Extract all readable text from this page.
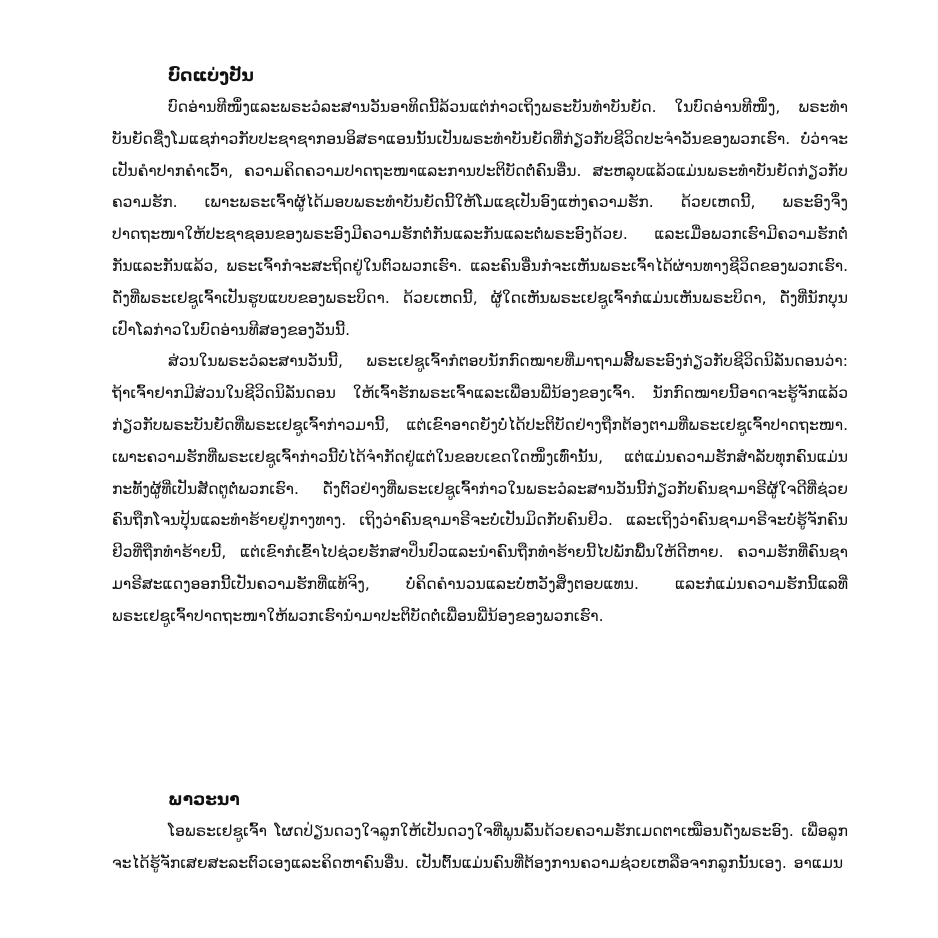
ບົດແບ່ງປັນ

ບົດອ່ານທີໜຶ່ງແລະພຣະວໍລະສານວັນອາທິດນີ້ລ້ວນແຕ່ກ່າວເຖິງພຣະບັນທຳບັນຍັດ. ໃນບົດອ່ານທີໜຶ່ງ, ພຣະທຳບັນຍັດຊື່ງໂມແຊກ່າວກັບປະຊາຊາກອນອິສຣາແອນນັ້ນເປັນພຣະທຳບັນຍັດທີ່ກ່ຽວກັບຊີວິດປະຈຳວັນຂອງພວກເຮົາ. ບໍ່ວ່າຈະເປັນຄຳປາກຄຳເວົ້າ, ຄວາມຄິດຄວາມປາດຖະໜາແລະການປະຕິບັດຕໍ່ຄົນອື່ນ. ສະຫລຸບແລ້ວແມ່ນພຣະທຳບັນຍັດກ່ຽວກັບຄວາມຮັກ. ເພາະພຣະເຈົ້າຜູ້ໄດ້ມອບພຣະທຳບັນຍັດນີ້ໃຫ້ໂມແຊເປັນອົງແຫ່ງຄວາມຮັກ. ດ້ວຍເຫດນີ້, ພຣະອົງຈຶ່ງປາດຖະໜາໃຫ້ປະຊາຊອນຂອງພຣະອົງມີຄວາມຮັກຕໍ່ກັນແລະກັນແລະຕໍ່ພຣະອົງດ້ວຍ. ແລະເມື່ອພວກເຮົາມີຄວາມຮັກຕໍ່ກັນແລະກັນແລ້ວ, ພຣະເຈົ້າກໍຈະສະຖິດຢູ່ໃນຕົວພວກເຮົາ. ແລະຄົນອື່ນກໍຈະເຫັນພຣະເຈົ້າໄດ້ຜ່ານທາງຊີວິດຂອງພວກເຮົາ. ດັ່ງທີ່ພຣະເຢຊູເຈົ້າເປັນຮູບແບບຂອງພຣະບິດາ. ດ້ວຍເຫດນີ້, ຜູ້ໃດເຫັນພຣະເຢຊູເຈົ້າກໍແມ່ນເຫັນພຣະບິດາ, ດັ່ງທີ່ນັກບຸນເປົາໂລກ່າວໃນບົດອ່ານທີສອງຂອງວັນນີ້.

ສ່ວນໃນພຣະວໍລະສານວັນນີ້, ພຣະເຢຊູເຈົ້າກໍຕອບນັກກົດໝາຍທີ່ມາຖາມສິ້ພຣະອົງກ່ຽວກັບຊີວິດນິລັນດອນວ່າ: ຖ້າເຈົ້າຢາກມີສ່ວນໃນຊີວິດນິລັນດອນ ໃຫ້ເຈົ້າຮັກພຣະເຈົ້າແລະເພື່ອນພີ່ນ້ອງຂອງເຈົ້າ. ນັກກົດໝາຍນີ້ອາດຈະຮູ້ຈັກແລ້ວກ່ຽວກັບພຣະບັນຍັດທີ່ພຣະເຢຊູເຈົ້າກ່າວມານີ້, ແຕ່ເຂົາອາດຍັງບໍ່ໄດ້ປະຕິບັດຢ່າງຖືກຕ້ອງຕາມທີ່ພຣະເຢຊູເຈົ້າປາດຖະໜາ. ເພາະຄວາມຮັກທີ່ພຣະເຢຊູເຈົ້າກ່າວນີ້ບໍ່ໄດ້ຈຳກັດຢູ່ແຕ່ໃນຂອບເຂດໃດໜຶ່ງເທົ່ານັ້ນ, ແຕ່ແມ່ນຄວາມຮັກສຳລັບທຸກຄົນແມ່ນກະທັ້ງຜູ້ທີ່ເປັນສັດຕູຕໍ່ພວກເຮົາ. ດັ່ງຕົວຢ່າງທີ່ພຣະເຢຊູເຈົ້າກ່າວໃນພຣະວໍລະສານວັນນີ້ກ່ຽວກັບຄົນຊາມາຣີຜູ້ໃຈດີທີ່ຊ່ວຍຄົນຖືກໂຈນປຸ້ນແລະທຳຮ້າຍຢູ່ກາງທາງ. ເຖິງວ່າຄົນຊາມາຣີຈະບໍ່ເປັນມິດກັບຄົນຢິວ. ແລະເຖິງວ່າຄົນຊາມາຣີຈະບໍ່ຮູ້ຈັກຄົນຢິວທີ່ຖືກທຳຮ້າຍນີ້, ແຕ່ເຂົາກໍເຂົ້າໄປຊ່ວຍຮັກສາປິ່ນປົວແລະນຳຄົນຖືກທຳຮ້າຍນີ້ໄປພັກພື້ນໃຫ້ດີຫາຍ. ຄວາມຮັກທີ່ຄົນຊາມາຣີສະແດງອອກນີ້ເປັນຄວາມຮັກທີ່ແທ້ຈິງ, ບໍ່ຄິດຄຳນວນແລະບໍ່ຫວັງສິ່ງຕອບແທນ. ແລະກໍແມ່ນຄວາມຮັກນີ້ແລທີ່ພຣະເຢຊູເຈົ້າປາດຖະໜາໃຫ້ພວກເຮົານຳມາປະຕິບັດຕໍ່ເພື່ອນພີ່ນ້ອງຂອງພວກເຮົາ.

ພາວະນາ

ໂອພຣະເຢຊູເຈົ້າ ໂຜດປ່ຽນດວງໃຈລູກໃຫ້ເປັນດວງໃຈທີ່ພູນລົ້ນດ້ວຍຄວາມຮັກເມດຕາເໝືອນດັ່ງພຣະອົງ. ເພື່ອລູກຈະໄດ້ຮູ້ຈັກເສຍສະລະຕົວເອງແລະຄິດຫາຄົນອື່ນ. ເປັນຕົ້ນແມ່ນຄົນທີ່ຕ້ອງການຄວາມຊ່ວຍເຫລືອຈາກລູກນັ້ນເອງ. ອາແມນ
